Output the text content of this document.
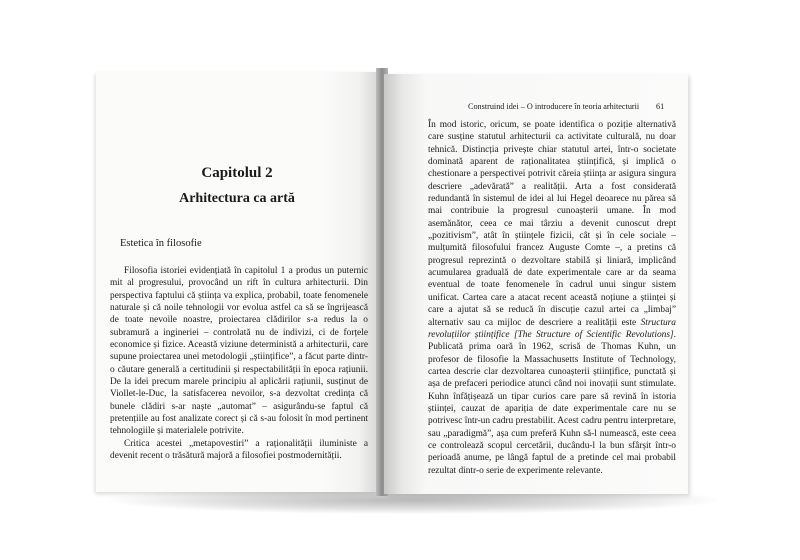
Capitolul 2
Arhitectura ca artă
Estetica în filosofie

Filosofia istoriei evidențiată în capitolul 1 a produs un puternic mit al progresului, provocând un rift în cultura arhitecturii. Din perspectiva faptului că știința va explica, probabil, toate fenomenele naturale și că noile tehnologii vor evolua astfel ca să se îngrijească de toate nevoile noastre, proiectarea clădirilor s-a redus la o subramură a ingineriei – controlată nu de indivizi, ci de forțele economice și fizice. Această viziune deterministă a arhitecturii, care supune proiectarea unei metodologii „științifice”, a făcut parte dintr-o căutare generală a certitudinii și respectabilității în epoca rațiunii. De la idei precum marele principiu al aplicării rațiunii, susținut de Viollet-le-Duc, la satisfacerea nevoilor, s-a dezvoltat credința că bunele clădiri s-ar naște „automat” – asigurându-se faptul că pretențiile au fost analizate corect și că s-au folosit în mod pertinent tehnologiile și materialele potrivite.

Critica acestei „metapovestiri” a raționalității iluministe a devenit recent o trăsătură majoră a filosofiei postmodernității.

Construind idei – O introducere în teoria arhitecturii 61

În mod istoric, oricum, se poate identifica o poziție alternativă care susține statutul arhitecturii ca activitate culturală, nu doar tehnică. Distincția privește chiar statutul artei, într-o societate dominată aparent de raționalitatea științifică, și implică o chestionare a perspectivei potrivit căreia știința ar asigura singura descriere „adevărată” a realității. Arta a fost considerată redundantă în sistemul de idei al lui Hegel deoarece nu părea să mai contribuie la progresul cunoașterii umane. În mod asemănător, ceea ce mai târziu a devenit cunoscut drept „pozitivism”, atât în științele fizicii, cât și în cele sociale – mulțumită filosofului francez Auguste Comte –, a pretins că progresul reprezintă o dezvoltare stabilă și liniară, implicând acumularea graduală de date experimentale care ar da seama eventual de toate fenomenele în cadrul unui singur sistem unificat. Cartea care a atacat recent această noțiune a științei și care a ajutat să se reducă în discuție cazul artei ca „limbaj” alternativ sau ca mijloc de descriere a realității este Structura revoluțiilor științifice [The Structure of Scientific Revolutions]. Publicată prima oară în 1962, scrisă de Thomas Kuhn, un profesor de filosofie la Massachusetts Institute of Technology, cartea descrie clar dezvoltarea cunoașterii științifice, punctată și așa de prefaceri periodice atunci când noi inovații sunt stimulate. Kuhn înfățișează un tipar curios care pare să revină în istoria științei, cauzat de apariția de date experimentale care nu se potrivesc într-un cadru prestabilit. Acest cadru pentru interpretare, sau „paradigmă”, așa cum preferă Kuhn să-l numească, este ceea ce controlează scopul cercetării, ducându-l la bun sfârșit într-o perioadă anume, pe lângă faptul de a pretinde cel mai probabil rezultat dintr-o serie de experimente relevante.
